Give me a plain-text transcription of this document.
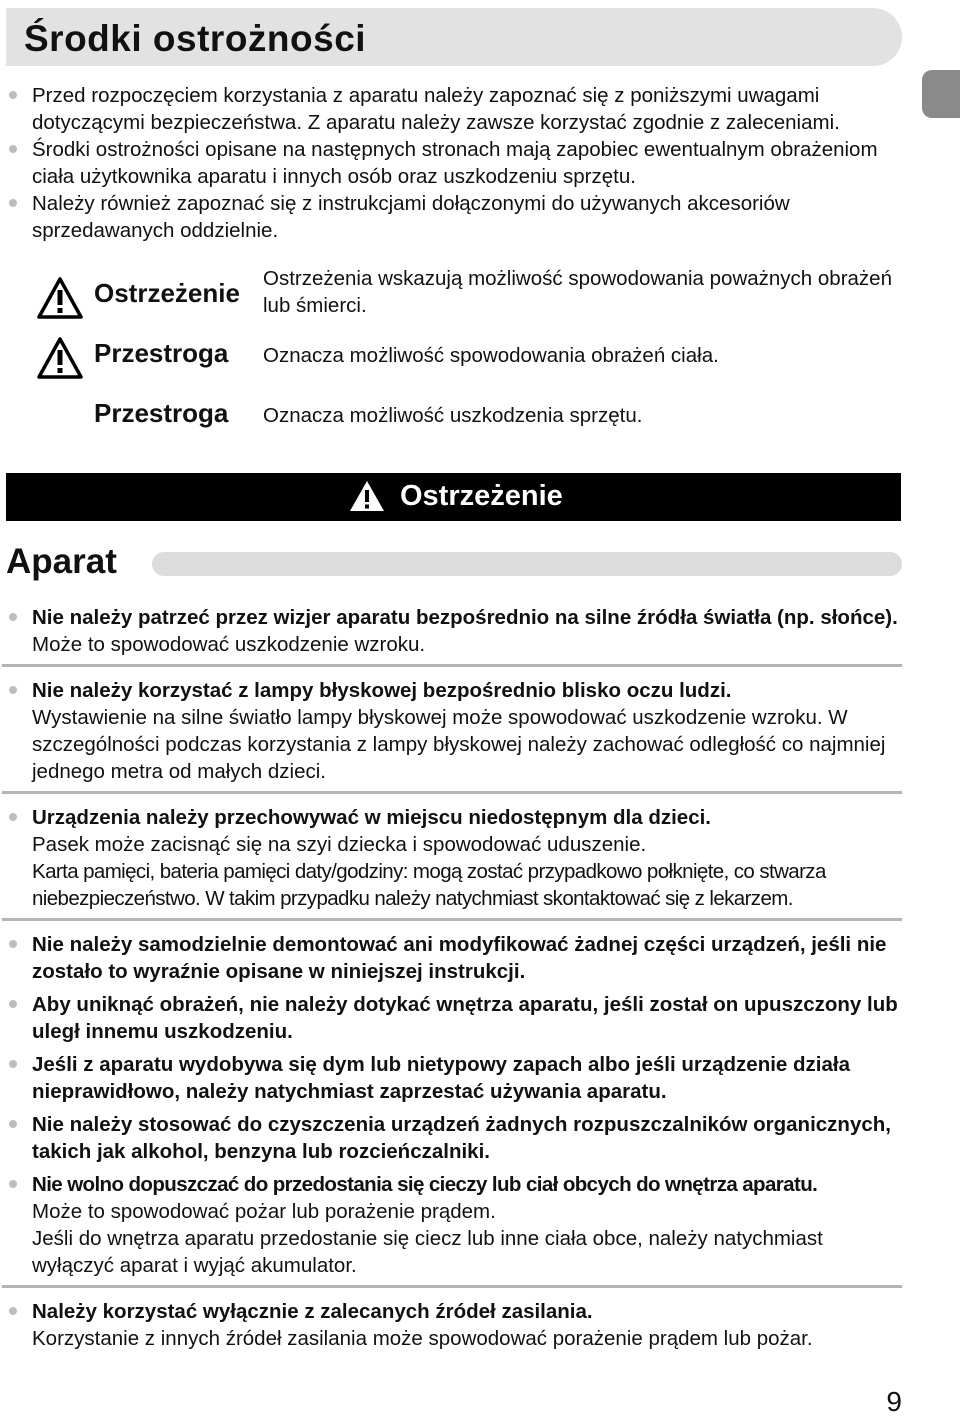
Środki ostrożności

Przed rozpoczęciem korzystania z aparatu należy zapoznać się z poniższymi uwagami dotyczącymi bezpieczeństwa. Z aparatu należy zawsze korzystać zgodnie z zaleceniami.

Środki ostrożności opisane na następnych stronach mają zapobiec ewentualnym obrażeniom ciała użytkownika aparatu i innych osób oraz uszkodzeniu sprzętu.

Należy również zapoznać się z instrukcjami dołączonymi do używanych akcesoriów sprzedawanych oddzielnie.

Ostrzeżenie Ostrzeżenia wskazują możliwość spowodowania poważnych obrażeń lub śmierci.
Przestroga Oznacza możliwość spowodowania obrażeń ciała.
Przestroga Oznacza możliwość uszkodzenia sprzętu.
Ostrzeżenie
Aparat

Nie należy patrzeć przez wizjer aparatu bezpośrednio na silne źródła światła (np. słońce).

Może to spowodować uszkodzenie wzroku.

Nie należy korzystać z lampy błyskowej bezpośrednio blisko oczu ludzi.

Wystawienie na silne światło lampy błyskowej może spowodować uszkodzenie wzroku. W szczególności podczas korzystania z lampy błyskowej należy zachować odległość co najmniej jednego metra od małych dzieci.

Urządzenia należy przechowywać w miejscu niedostępnym dla dzieci.

Pasek może zacisnąć się na szyi dziecka i spowodować uduszenie.

Karta pamięci, bateria pamięci daty/godziny: mogą zostać przypadkowo połknięte, co stwarza niebezpieczeństwo. W takim przypadku należy natychmiast skontaktować się z lekarzem.

Nie należy samodzielnie demontować ani modyfikować żadnej części urządzeń, jeśli nie zostało to wyraźnie opisane w niniejszej instrukcji.

Aby uniknąć obrażeń, nie należy dotykać wnętrza aparatu, jeśli został on upuszczony lub uległ innemu uszkodzeniu.

Jeśli z aparatu wydobywa się dym lub nietypowy zapach albo jeśli urządzenie działa nieprawidłowo, należy natychmiast zaprzestać używania aparatu.

Nie należy stosować do czyszczenia urządzeń żadnych rozpuszczalników organicznych, takich jak alkohol, benzyna lub rozcieńczalniki.

Nie wolno dopuszczać do przedostania się cieczy lub ciał obcych do wnętrza aparatu.

Może to spowodować pożar lub porażenie prądem.

Jeśli do wnętrza aparatu przedostanie się ciecz lub inne ciała obce, należy natychmiast wyłączyć aparat i wyjąć akumulator.

Należy korzystać wyłącznie z zalecanych źródeł zasilania.

Korzystanie z innych źródeł zasilania może spowodować porażenie prądem lub pożar.

9
